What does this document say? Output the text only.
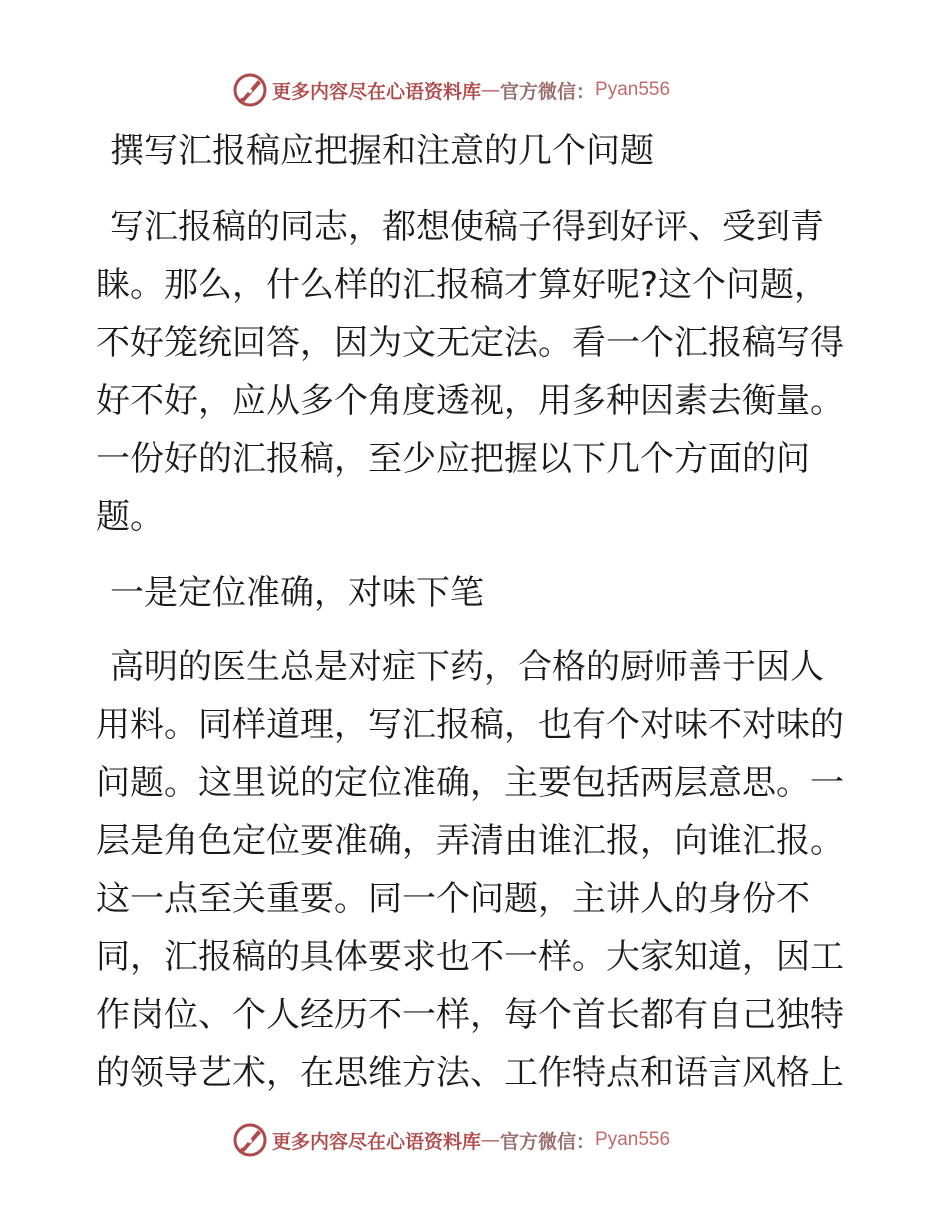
更多内容尽在心语资料库 — 官方微信： Pyan556
撰写汇报稿应把握和注意的几个问题

写汇报稿的同志，都想使稿子得到好评、受到青睐。那么，什么样的汇报稿才算好呢?这个问题，不好笼统回答，因为文无定法。看一个汇报稿写得好不好，应从多个角度透视，用多种因素去衡量。一份好的汇报稿，至少应把握以下几个方面的问题。

一是定位准确，对味下笔

高明的医生总是对症下药，合格的厨师善于因人用料。同样道理，写汇报稿，也有个对味不对味的问题。这里说的定位准确，主要包括两层意思。一层是角色定位要准确，弄清由谁汇报，向谁汇报。这一点至关重要。同一个问题，主讲人的身份不同，汇报稿的具体要求也不一样。大家知道，因工作岗位、个人经历不一样，每个首长都有自己独特的领导艺术，在思维方法、工作特点和语言风格上

更多内容尽在心语资料库 — 官方微信： Pyan556
